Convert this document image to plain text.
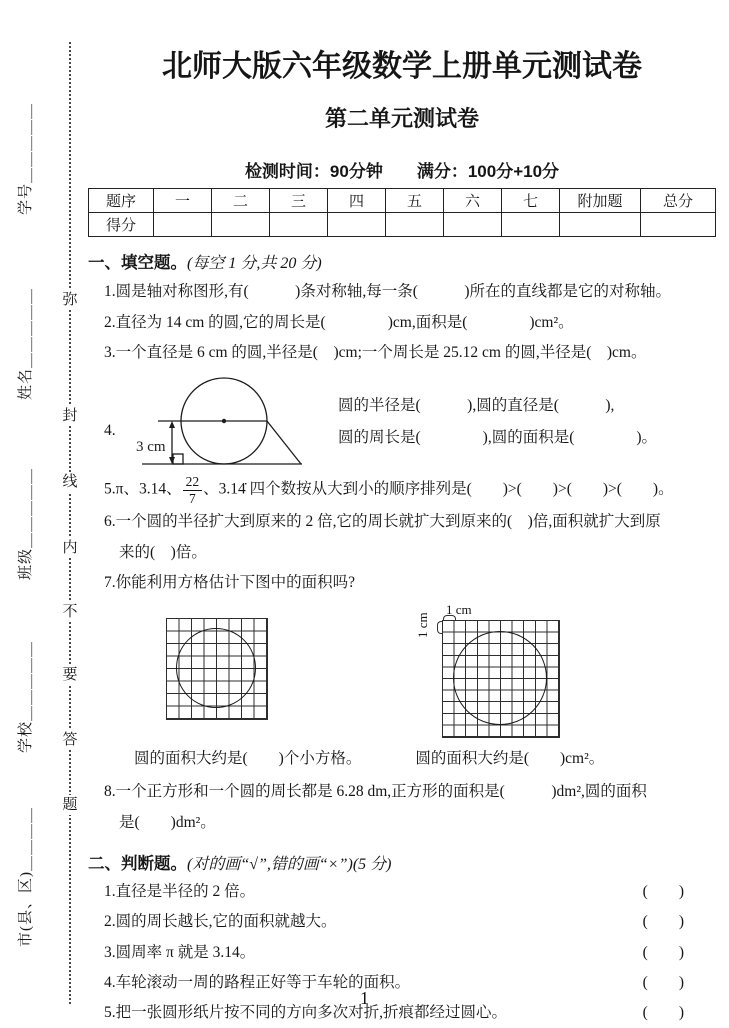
弥
封
线
内
不
要
答
题
学号＿＿＿＿＿
姓名＿＿＿＿＿
班级＿＿＿＿＿
学校＿＿＿＿＿
市(县、区)＿＿＿＿
北师大版六年级数学上册单元测试卷
第二单元测试卷
检测时间：90分钟　　满分：100分+10分
题序	一	二	三	四	五	六	七	附加题	总分
得分									
一、填空题。(每空 1 分,共 20 分)
1.圆是轴对称图形,有(　　　)条对称轴,每一条(　　　)所在的直线都是它的对称轴。
2.直径为 14 cm 的圆,它的周长是(　　　　)cm,面积是(　　　　)cm²。
3.一个直径是 6 cm 的圆,半径是(　)cm;一个周长是 25.12 cm 的圆,半径是(　)cm。
4.
3 cm
圆的半径是(　　　),圆的直径是(　　　),
圆的周长是(　　　　),圆的面积是(　　　　)。
5.π、3.14、 $\frac{22}{7}$ 、3.14̇ 四个数按从大到小的顺序排列是(　　)>(　　)>(　　)>(　　)。
6.一个圆的半径扩大到原来的 2 倍,它的周长就扩大到原来的(　)倍,面积就扩大到原
来的(　)倍。
7.你能利用方格估计下图中的面积吗?
1 cm
1 cm
圆的面积大约是(　　)个小方格。	圆的面积大约是(　　)cm²。
8.一个正方形和一个圆的周长都是 6.28 dm,正方形的面积是(　　　)dm²,圆的面积
是(　　)dm²。
二、判断题。(对的画“√”,错的画“×”)(5 分)
1.直径是半径的 2 倍。	(　　)
2.圆的周长越长,它的面积就越大。	(　　)
3.圆周率 π 就是 3.14。	(　　)
4.车轮滚动一周的路程正好等于车轮的面积。	(　　)
5.把一张圆形纸片按不同的方向多次对折,折痕都经过圆心。	(　　)
1
